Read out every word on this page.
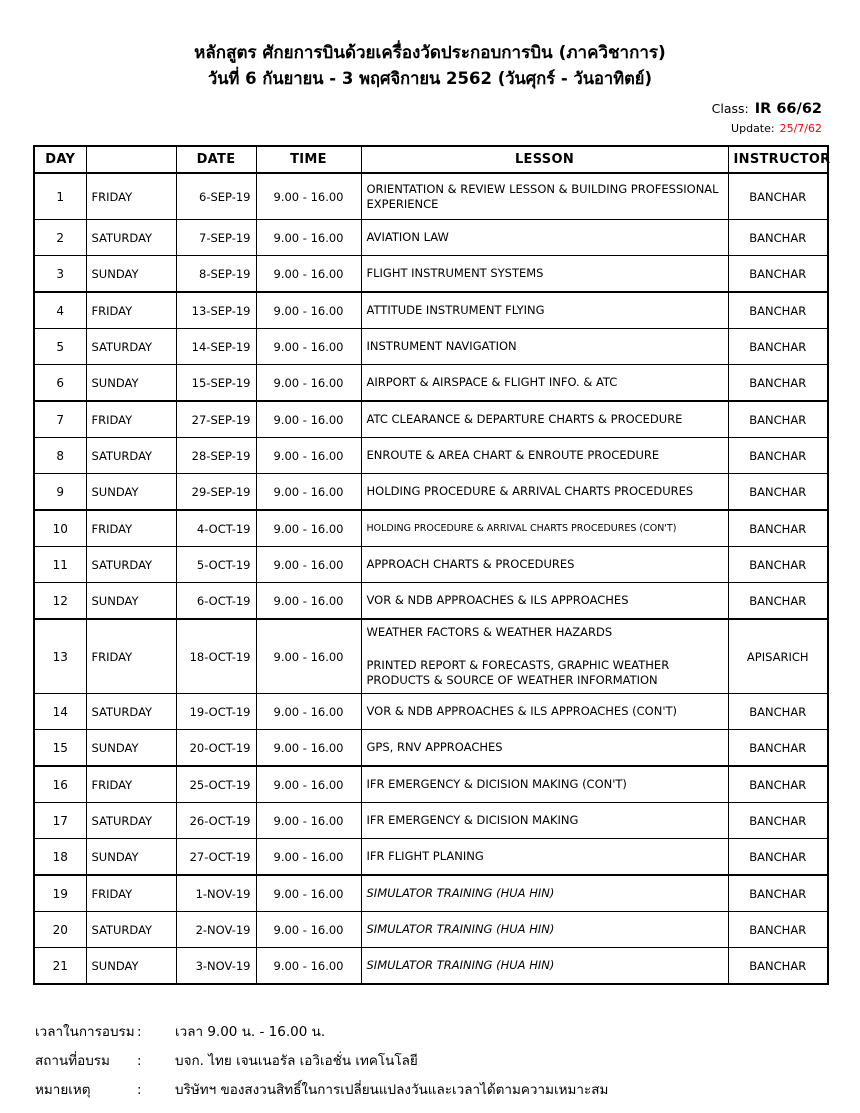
หลักสูตร ศักยการบินด้วยเครื่องวัดประกอบการบิน (ภาควิชาการ)
วันที่ 6 กันยายน - 3 พฤศจิกายน 2562 (วันศุกร์ - วันอาทิตย์)
Class: IR 66/62
Update: 25/7/62
DAY		DATE	TIME	LESSON	INSTRUCTOR
1	FRIDAY	6-SEP-19	9.00 - 16.00	ORIENTATION & REVIEW LESSON & BUILDING PROFESSIONAL EXPERIENCE	BANCHAR
2	SATURDAY	7-SEP-19	9.00 - 16.00	AVIATION LAW	BANCHAR
3	SUNDAY	8-SEP-19	9.00 - 16.00	FLIGHT INSTRUMENT SYSTEMS	BANCHAR
4	FRIDAY	13-SEP-19	9.00 - 16.00	ATTITUDE INSTRUMENT FLYING	BANCHAR
5	SATURDAY	14-SEP-19	9.00 - 16.00	INSTRUMENT NAVIGATION	BANCHAR
6	SUNDAY	15-SEP-19	9.00 - 16.00	AIRPORT & AIRSPACE & FLIGHT INFO. & ATC	BANCHAR
7	FRIDAY	27-SEP-19	9.00 - 16.00	ATC CLEARANCE & DEPARTURE CHARTS & PROCEDURE	BANCHAR
8	SATURDAY	28-SEP-19	9.00 - 16.00	ENROUTE & AREA CHART & ENROUTE PROCEDURE	BANCHAR
9	SUNDAY	29-SEP-19	9.00 - 16.00	HOLDING PROCEDURE & ARRIVAL CHARTS PROCEDURES	BANCHAR
10	FRIDAY	4-OCT-19	9.00 - 16.00	HOLDING PROCEDURE & ARRIVAL CHARTS PROCEDURES (CON'T)	BANCHAR
11	SATURDAY	5-OCT-19	9.00 - 16.00	APPROACH CHARTS & PROCEDURES	BANCHAR
12	SUNDAY	6-OCT-19	9.00 - 16.00	VOR & NDB APPROACHES & ILS APPROACHES	BANCHAR
13	FRIDAY	18-OCT-19	9.00 - 16.00	WEATHER FACTORS & WEATHER HAZARDS
PRINTED REPORT & FORECASTS, GRAPHIC WEATHER PRODUCTS & SOURCE OF WEATHER INFORMATION	APISARICH
14	SATURDAY	19-OCT-19	9.00 - 16.00	VOR & NDB APPROACHES & ILS APPROACHES (CON'T)	BANCHAR
15	SUNDAY	20-OCT-19	9.00 - 16.00	GPS, RNV APPROACHES	BANCHAR
16	FRIDAY	25-OCT-19	9.00 - 16.00	IFR EMERGENCY & DICISION MAKING (CON'T)	BANCHAR
17	SATURDAY	26-OCT-19	9.00 - 16.00	IFR EMERGENCY & DICISION MAKING	BANCHAR
18	SUNDAY	27-OCT-19	9.00 - 16.00	IFR FLIGHT PLANING	BANCHAR
19	FRIDAY	1-NOV-19	9.00 - 16.00	SIMULATOR TRAINING (HUA HIN)	BANCHAR
20	SATURDAY	2-NOV-19	9.00 - 16.00	SIMULATOR TRAINING (HUA HIN)	BANCHAR
21	SUNDAY	3-NOV-19	9.00 - 16.00	SIMULATOR TRAINING (HUA HIN)	BANCHAR
เวลาในการอบรม :	เวลา 9.00 น. - 16.00 น.
สถานที่อบรม	:	บจก. ไทย เจนเนอรัล เอวิเอชั่น เทคโนโลยี
หมายเหตุ	:	บริษัทฯ ของสงวนสิทธิ์ในการเปลี่ยนแปลงวันและเวลาได้ตามความเหมาะสม
